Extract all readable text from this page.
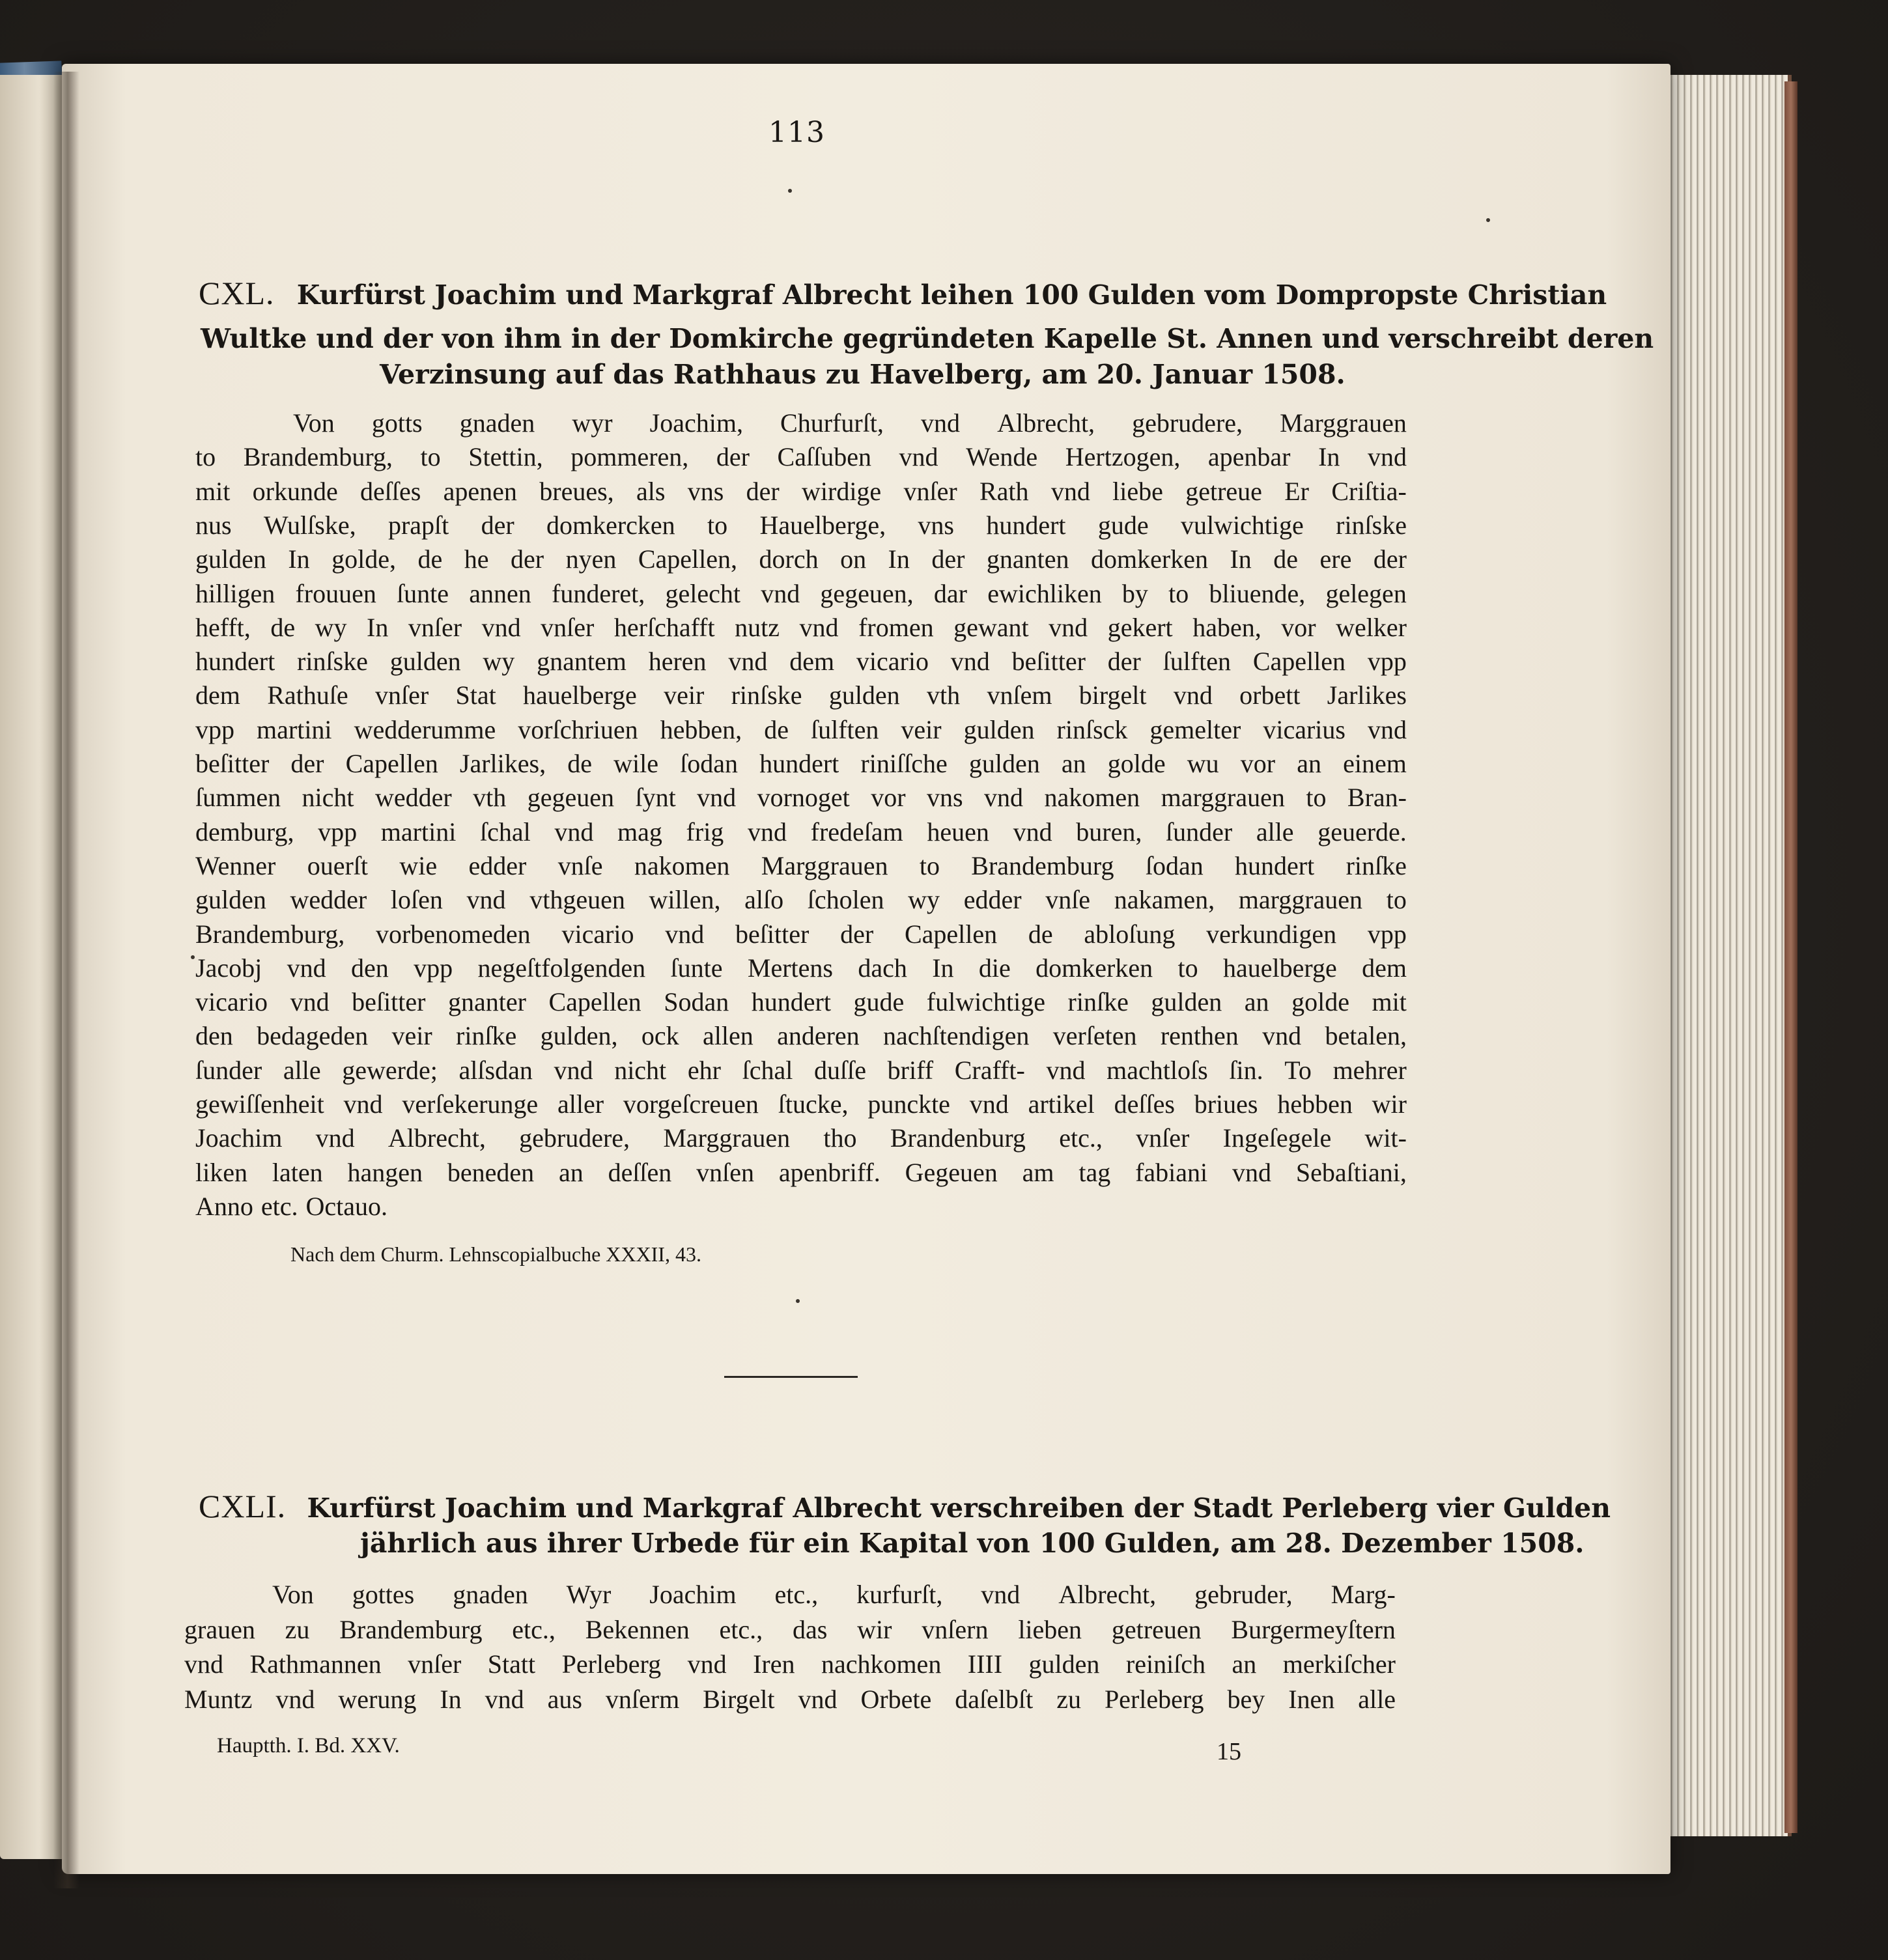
113
CXL. Kurfürst Joachim und Markgraf Albrecht leihen 100 Gulden vom Dompropste Christian
Wultke und der von ihm in der Domkirche gegründeten Kapelle St. Annen und verschreibt deren
Verzinsung auf das Rathhaus zu Havelberg, am 20. Januar 1508.
Von gotts gnaden wyr Joachim, Churfurſt, vnd Albrecht, gebrudere, Marggrauen
to Brandemburg, to Stettin, pommeren, der Caſſuben vnd Wende Hertzogen, apenbar In vnd
mit orkunde deſſes apenen breues, als vns der wirdige vnſer Rath vnd liebe getreue Er Criſtia-
nus Wulſske, prapſt der domkercken to Hauelberge, vns hundert gude vulwichtige rinſske
gulden In golde, de he der nyen Capellen, dorch on In der gnanten domkerken In de ere der
hilligen frouuen ſunte annen funderet, gelecht vnd gegeuen, dar ewichliken by to bliuende, gelegen
hefft, de wy In vnſer vnd vnſer herſchafft nutz vnd fromen gewant vnd gekert haben, vor welker
hundert rinſske gulden wy gnantem heren vnd dem vicario vnd beſitter der ſulften Capellen vpp
dem Rathuſe vnſer Stat hauelberge veir rinſske gulden vth vnſem birgelt vnd orbett Jarlikes
vpp martini wedderumme vorſchriuen hebben, de ſulften veir gulden rinſsck gemelter vicarius vnd
beſitter der Capellen Jarlikes, de wile ſodan hundert riniſſche gulden an golde wu vor an einem
ſummen nicht wedder vth gegeuen ſynt vnd vornoget vor vns vnd nakomen marggrauen to Bran-
demburg, vpp martini ſchal vnd mag frig vnd fredeſam heuen vnd buren, ſunder alle geuerde.
Wenner ouerſt wie edder vnſe nakomen Marggrauen to Brandemburg ſodan hundert rinſke
gulden wedder loſen vnd vthgeuen willen, alſo ſcholen wy edder vnſe nakamen, marggrauen to
Brandemburg, vorbenomeden vicario vnd beſitter der Capellen de abloſung verkundigen vpp
Jacobj vnd den vpp negeſtfolgenden ſunte Mertens dach In die domkerken to hauelberge dem
vicario vnd beſitter gnanter Capellen Sodan hundert gude fulwichtige rinſke gulden an golde mit
den bedageden veir rinſke gulden, ock allen anderen nachſtendigen verſeten renthen vnd betalen,
ſunder alle gewerde; alſsdan vnd nicht ehr ſchal duſſe briff Crafft- vnd machtloſs ſin. To mehrer
gewiſſenheit vnd verſekerunge aller vorgeſcreuen ſtucke, punckte vnd artikel deſſes briues hebben wir
Joachim vnd Albrecht, gebrudere, Marggrauen tho Brandenburg etc., vnſer Ingeſegele wit-
liken laten hangen beneden an deſſen vnſen apenbriff. Gegeuen am tag fabiani vnd Sebaſtiani,
Anno etc. Octauo.
Nach dem Churm. Lehnscopialbuche XXXII, 43.
CXLI. Kurfürst Joachim und Markgraf Albrecht verschreiben der Stadt Perleberg vier Gulden
jährlich aus ihrer Urbede für ein Kapital von 100 Gulden, am 28. Dezember 1508.
Von gottes gnaden Wyr Joachim etc., kurfurſt, vnd Albrecht, gebruder, Marg-
grauen zu Brandemburg etc., Bekennen etc., das wir vnſern lieben getreuen Burgermeyſtern
vnd Rathmannen vnſer Statt Perleberg vnd Iren nachkomen IIII gulden reiniſch an merkiſcher
Muntz vnd werung In vnd aus vnſerm Birgelt vnd Orbete daſelbſt zu Perleberg bey Inen alle
Hauptth. I. Bd. XXV.	15
